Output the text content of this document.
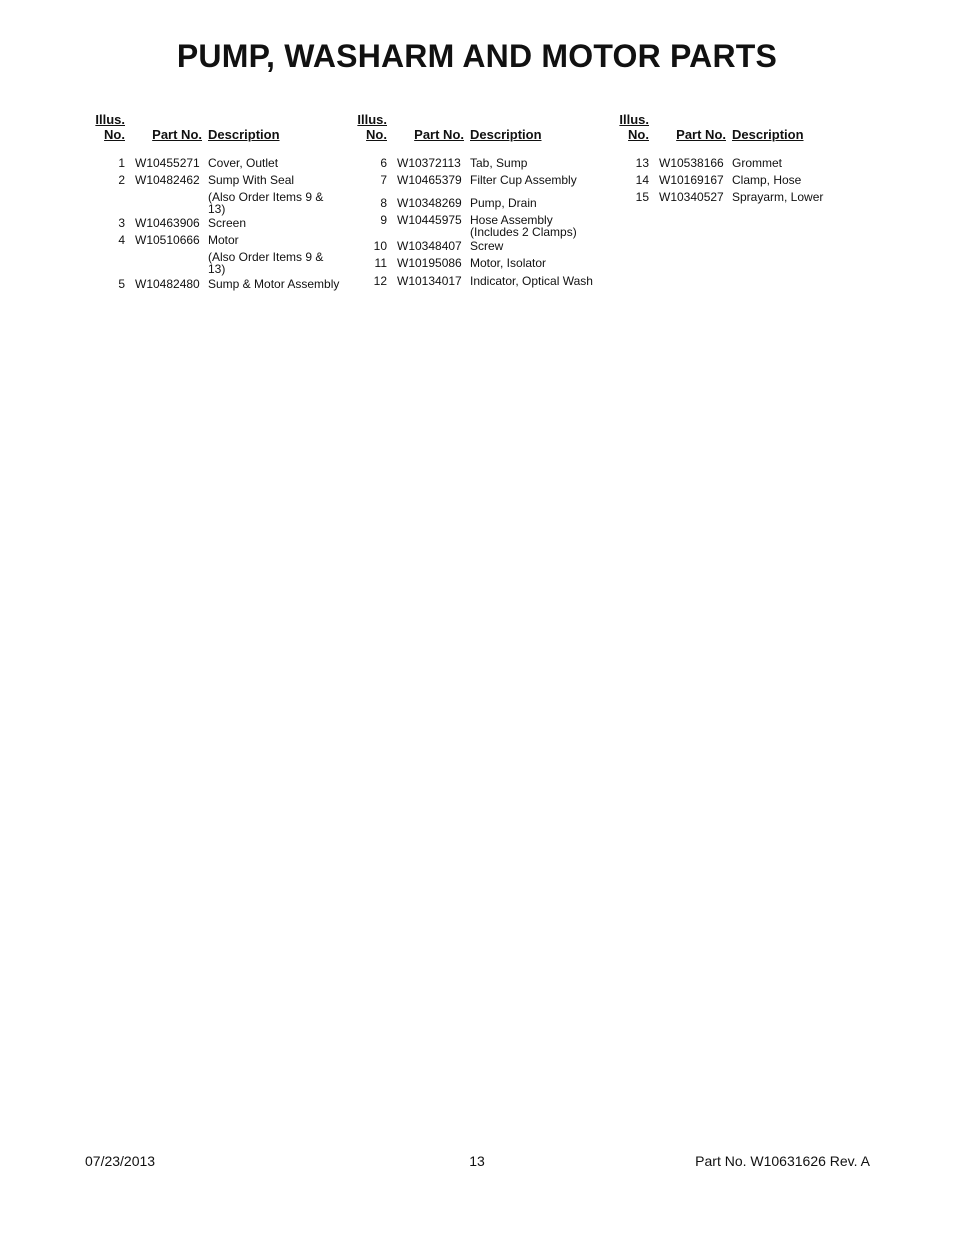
PUMP, WASHARM AND MOTOR PARTS
Illus.
No. Part No. Description
1 W10455271 Cover, Outlet
2 W10482462 Sump With Seal
(Also Order Items 9 & 13)
3 W10463906 Screen
4 W10510666 Motor
(Also Order Items 9 & 13)
5 W10482480 Sump & Motor Assembly
Illus.
No. Part No. Description
6 W10372113 Tab, Sump
7 W10465379 Filter Cup Assembly
8 W10348269 Pump, Drain
9 W10445975 Hose Assembly (Includes 2 Clamps)
10 W10348407 Screw
11 W10195086 Motor, Isolator
12 W10134017 Indicator, Optical Wash
Illus.
No. Part No. Description
13 W10538166 Grommet
14 W10169167 Clamp, Hose
15 W10340527 Sprayarm, Lower
07/23/2013	13	Part No. W10631626 Rev. A
